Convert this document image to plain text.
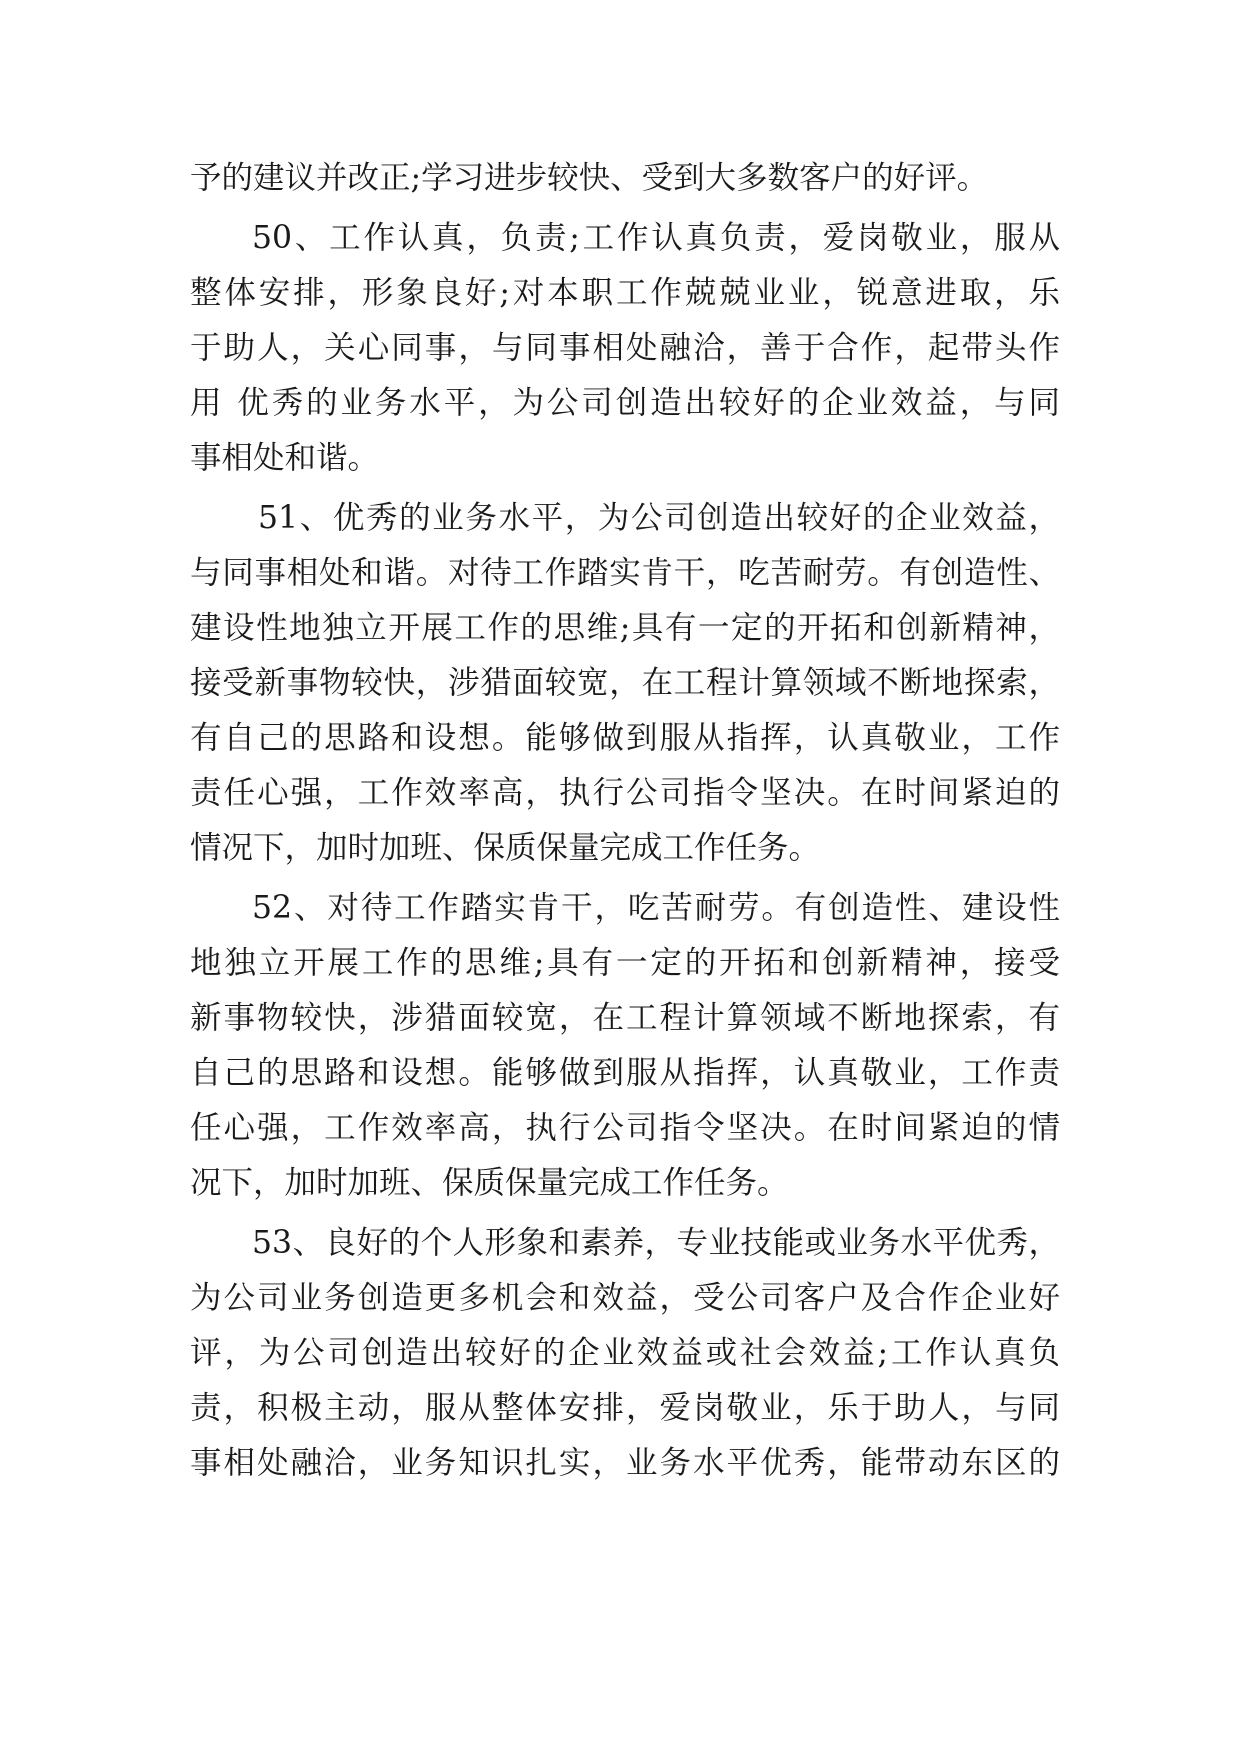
予的建议并改正;学习进步较快、受到大多数客户的好评。
50、工作认真，负责;工作认真负责，爱岗敬业，服从
整体安排，形象良好;对本职工作兢兢业业，锐意进取，乐
于助人，关心同事，与同事相处融洽，善于合作，起带头作
用 优秀的业务水平，为公司创造出较好的企业效益，与同
事相处和谐。
51、优秀的业务水平，为公司创造出较好的企业效益，
与同事相处和谐。对待工作踏实肯干，吃苦耐劳。有创造性、
建设性地独立开展工作的思维;具有一定的开拓和创新精神，
接受新事物较快，涉猎面较宽，在工程计算领域不断地探索，
有自己的思路和设想。能够做到服从指挥，认真敬业，工作
责任心强，工作效率高，执行公司指令坚决。在时间紧迫的
情况下，加时加班、保质保量完成工作任务。
52、对待工作踏实肯干，吃苦耐劳。有创造性、建设性
地独立开展工作的思维;具有一定的开拓和创新精神，接受
新事物较快，涉猎面较宽，在工程计算领域不断地探索，有
自己的思路和设想。能够做到服从指挥，认真敬业，工作责
任心强，工作效率高，执行公司指令坚决。在时间紧迫的情
况下，加时加班、保质保量完成工作任务。
53、良好的个人形象和素养，专业技能或业务水平优秀，
为公司业务创造更多机会和效益，受公司客户及合作企业好
评，为公司创造出较好的企业效益或社会效益;工作认真负
责，积极主动，服从整体安排，爱岗敬业，乐于助人，与同
事相处融洽，业务知识扎实，业务水平优秀，能带动东区的
